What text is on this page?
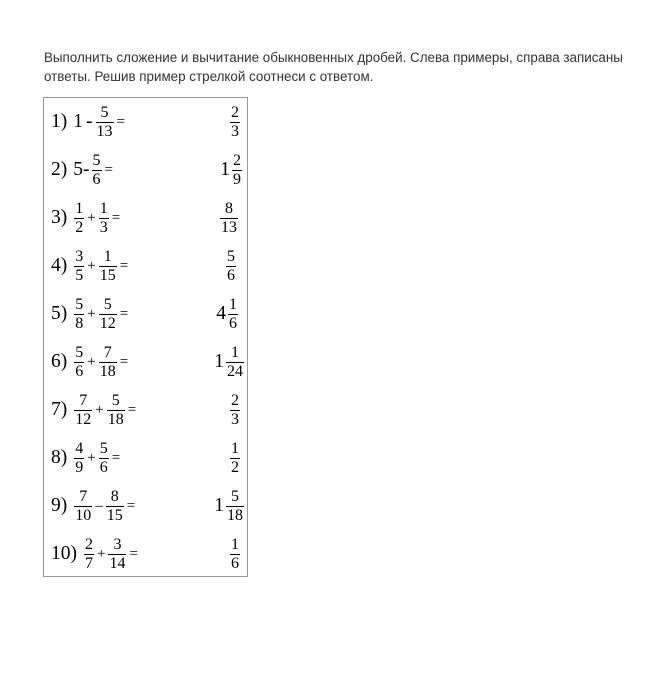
Выполнить сложение и вычитание обыкновенных дробей. Слева примеры, справа записаны ответы. Решив пример стрелкой соотнеси с ответом.

1) $1 - \frac{5}{13}$ =	$\frac{2}{3}$
2) $5- \frac{5}{6}$ =	$1 \frac{2}{9}$
$3) \frac{1}{2} + \frac{1}{3}$ =	$\frac{8}{13}$
$4) \frac{3}{5} + \frac{1}{15}$ =	$\frac{5}{6}$
$5) \frac{5}{8} + \frac{5}{12}$ =	$4 \frac{1}{6}$
$6) \frac{5}{6} + \frac{7}{18}$ =	$1 \frac{1}{24}$
$7) \frac{7}{12} + \frac{5}{18}$ =	$\frac{2}{3}$
$8) \frac{4}{9} + \frac{5}{6}$ =	$\frac{1}{2}$
$9) \frac{7}{10} - \frac{8}{15}$ =	$1 \frac{5}{18}$
$10) \frac{2}{7} + \frac{3}{14}$ =	$\frac{1}{6}$
